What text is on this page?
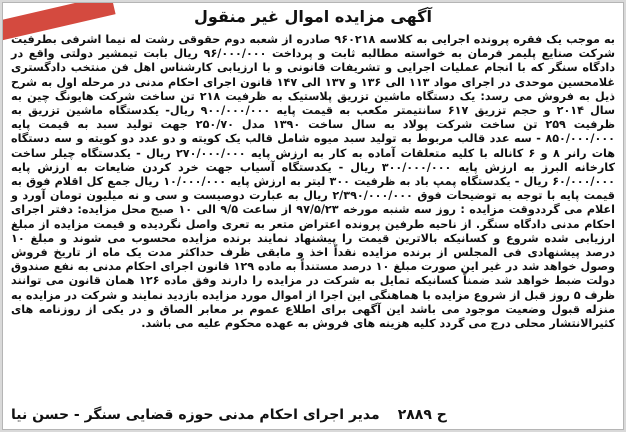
آگهی مزایده اموال غیر منقول

به موجب یک فقره پرونده اجرایی به کلاسه ۹۶۰۲۱۸ صادره از شعبه دوم حقوقی رشت له نیما اشرفی بطرفیت شرکت صنایع پلیمر فرمان به خواسته مطالبه ثابت و پرداخت ۹۶/۰۰۰/۰۰۰ ریال بابت تیمشیر دولتی واقع در دادگاه سنگر که با انجام عملیات اجرایی و تشریفات قانونی و با ارزیابی کارشناس اهل فن منتخب دادگستری غلامحسین موحدی در اجرای مواد ۱۱۳ الی ۱۳۶ و ۱۳۷ الی ۱۴۷ قانون اجرای احکام مدنی در مرحله اول به شرح ذیل به فروش می رسد: یک دستگاه ماشین تزریق پلاستیک به ظرفیت ۲۱۸ تن ساخت شرکت هایونگ چین به سال ۲۰۱۴ و حجم تزریق ۶۱۷ سانتیمتر مکعب به قیمت پایه ۹۰۰/۰۰۰/۰۰۰ ریال- یکدستگاه ماشین تزریق به ظرفیت ۲۵۹ تن ساخت شرکت پولاد به سال ساخت ۱۳۹۰ مدل ۲۵۰/۷۰ جهت تولید سبد به قیمت پایه ۸۵۰/۰۰۰/۰۰۰ - سه عدد قالب مربوط به تولید سبد میوه شامل قالب یک کویته و دو عدد دو کویته و سه دستگاه هات رانر ۸ و ۶ کاناله با کلیه متعلقات آماده به کار به ارزش پایه ۲۷۰/۰۰۰/۰۰۰ ریال - یکدستگاه چیلر ساخت کارخانه البرز به ارزش پایه ۳۰۰/۰۰۰/۰۰۰ ریال - یکدستگاه آسیاب جهت خرد کردن ضایعات به ارزش پایه ۶۰/۰۰۰/۰۰۰ ریال - یکدستگاه پمپ باد به ظرفیت ۳۰۰ لیتر به ارزش پایه ۱۰/۰۰۰/۰۰۰ ریال جمع کل اقلام فوق به قیمت پایه با توجه به توضیحات فوق ۲/۳۹۰/۰۰۰/۰۰۰ ریال به عبارت دوصیست و سی و نه میلیون تومان آورد و اعلام می گرددوقت مزایده : روز سه شنبه مورخه ۹۷/۵/۲۳ از ساعت ۹/۵ الی ۱۰ صبح محل مزایده: دفتر اجرای احکام مدنی دادگاه سنگر. از ناحیه طرفین پرونده اعتراض متعر به تعری واصل نگردیده و قیمت مزایده از مبلغ ارزیابی شده شروع و کسانیکه بالاترین قیمت را پیشنهاد نمایند برنده مزایده محسوب می شوند و مبلغ ۱۰ درصد پیشنهادی فی المجلس از برنده مزایده نقداً اخذ و مابقی ظرف حداکثر مدت یک ماه از تاریخ فروش وصول خواهد شد در غیر این صورت مبلغ ۱۰ درصد مستنداً به ماده ۱۲۹ قانون اجرای احکام مدنی به نفع صندوق دولت ضبط خواهد شد ضمناً کسانیکه تمایل به شرکت در مزایده را دارند وفق ماده ۱۲۶ همان قانون می توانند ظرف ۵ روز قبل از شروع مزایده با هماهنگی این اجرا از اموال مورد مزایده بازدید نمایند و شرکت در مزایده به منزله قبول وضعیت موجود می باشد این آگهی برای اطلاع عموم بر معابر الصاق و در یکی از روزنامه های کثیرالانتشار محلی درج می گردد کلیه هزینه های فروش به عهده محکوم علیه می باشد.

ح ۲۸۸۹
مدیر اجرای احکام مدنی حوزه قضایی سنگر - حسن نیا
